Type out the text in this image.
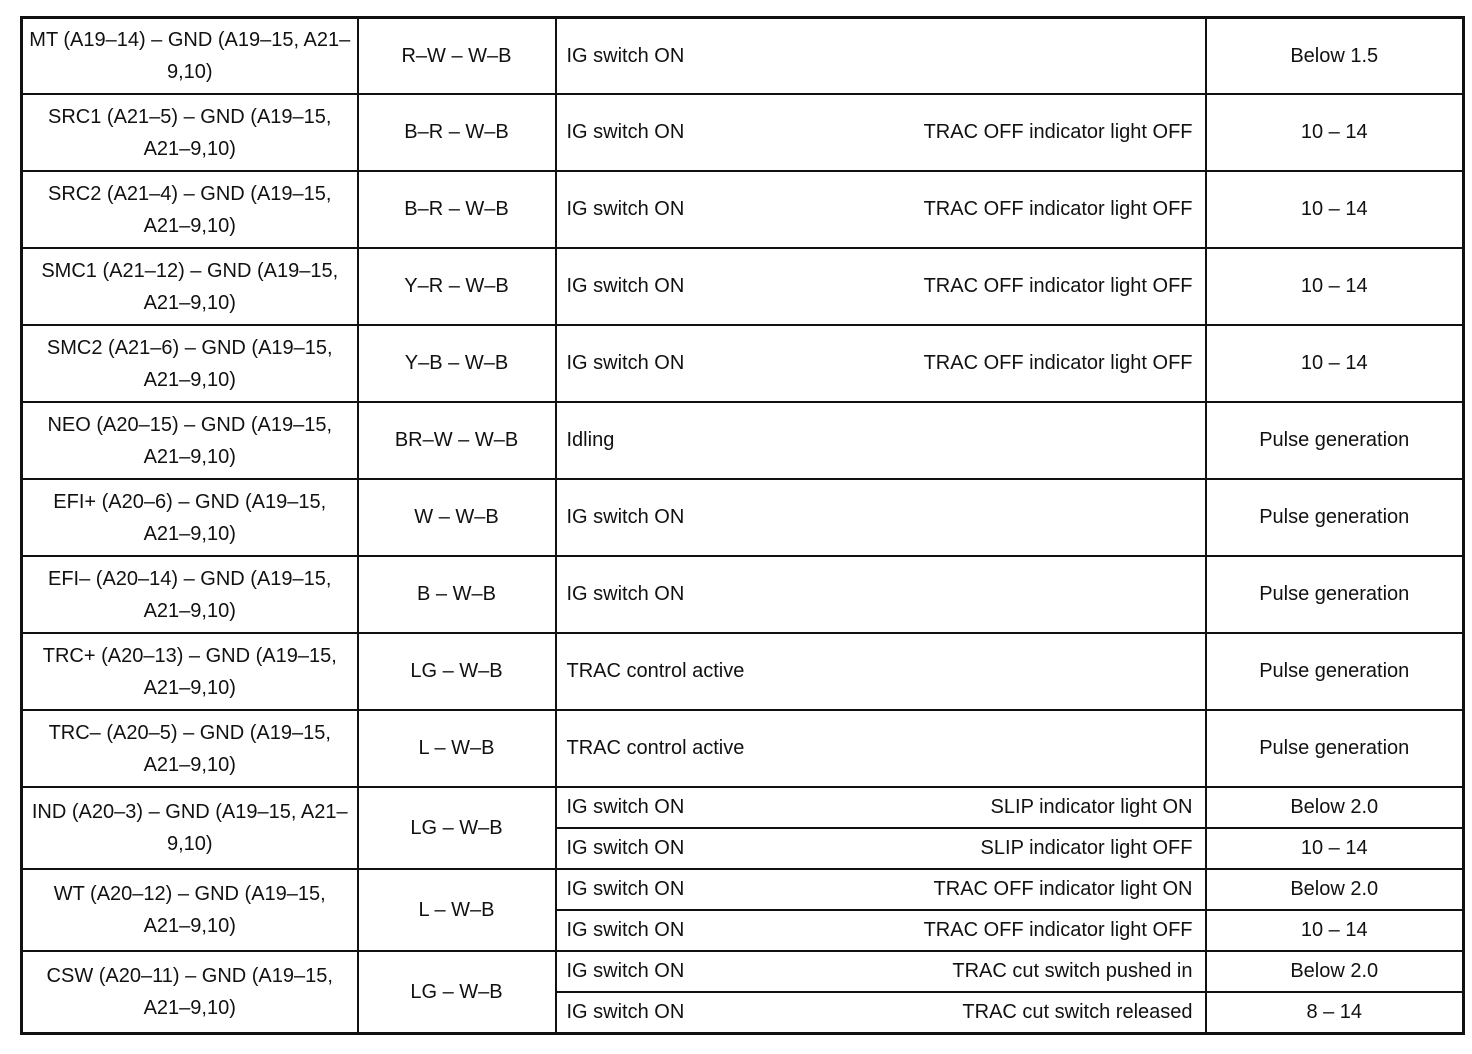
MT (A19–14) – GND (A19–15, A21–9,10)	R–W – W–B	IG switch ON	Below 1.5
SRC1 (A21–5) – GND (A19–15, A21–9,10)	B–R – W–B	IG switch ON TRAC OFF indicator light OFF	10 – 14
SRC2 (A21–4) – GND (A19–15, A21–9,10)	B–R – W–B	IG switch ON TRAC OFF indicator light OFF	10 – 14
SMC1 (A21–12) – GND (A19–15, A21–9,10)	Y–R – W–B	IG switch ON TRAC OFF indicator light OFF	10 – 14
SMC2 (A21–6) – GND (A19–15, A21–9,10)	Y–B – W–B	IG switch ON TRAC OFF indicator light OFF	10 – 14
NEO (A20–15) – GND (A19–15, A21–9,10)	BR–W – W–B	Idling	Pulse generation
EFI+ (A20–6) – GND (A19–15, A21–9,10)	W – W–B	IG switch ON	Pulse generation
EFI– (A20–14) – GND (A19–15, A21–9,10)	B – W–B	IG switch ON	Pulse generation
TRC+ (A20–13) – GND (A19–15, A21–9,10)	LG – W–B	TRAC control active	Pulse generation
TRC– (A20–5) – GND (A19–15, A21–9,10)	L – W–B	TRAC control active	Pulse generation
IND (A20–3) – GND (A19–15, A21–9,10)	LG – W–B	IG switch ON SLIP indicator light ON	Below 2.0

		IG switch ON SLIP indicator light OFF	10 – 14
WT (A20–12) – GND (A19–15, A21–9,10)	L – W–B	IG switch ON TRAC OFF indicator light ON	Below 2.0

		IG switch ON TRAC OFF indicator light OFF	10 – 14
CSW (A20–11) – GND (A19–15, A21–9,10)	LG – W–B	IG switch ON TRAC cut switch pushed in	Below 2.0

		IG switch ON TRAC cut switch released	8 – 14
